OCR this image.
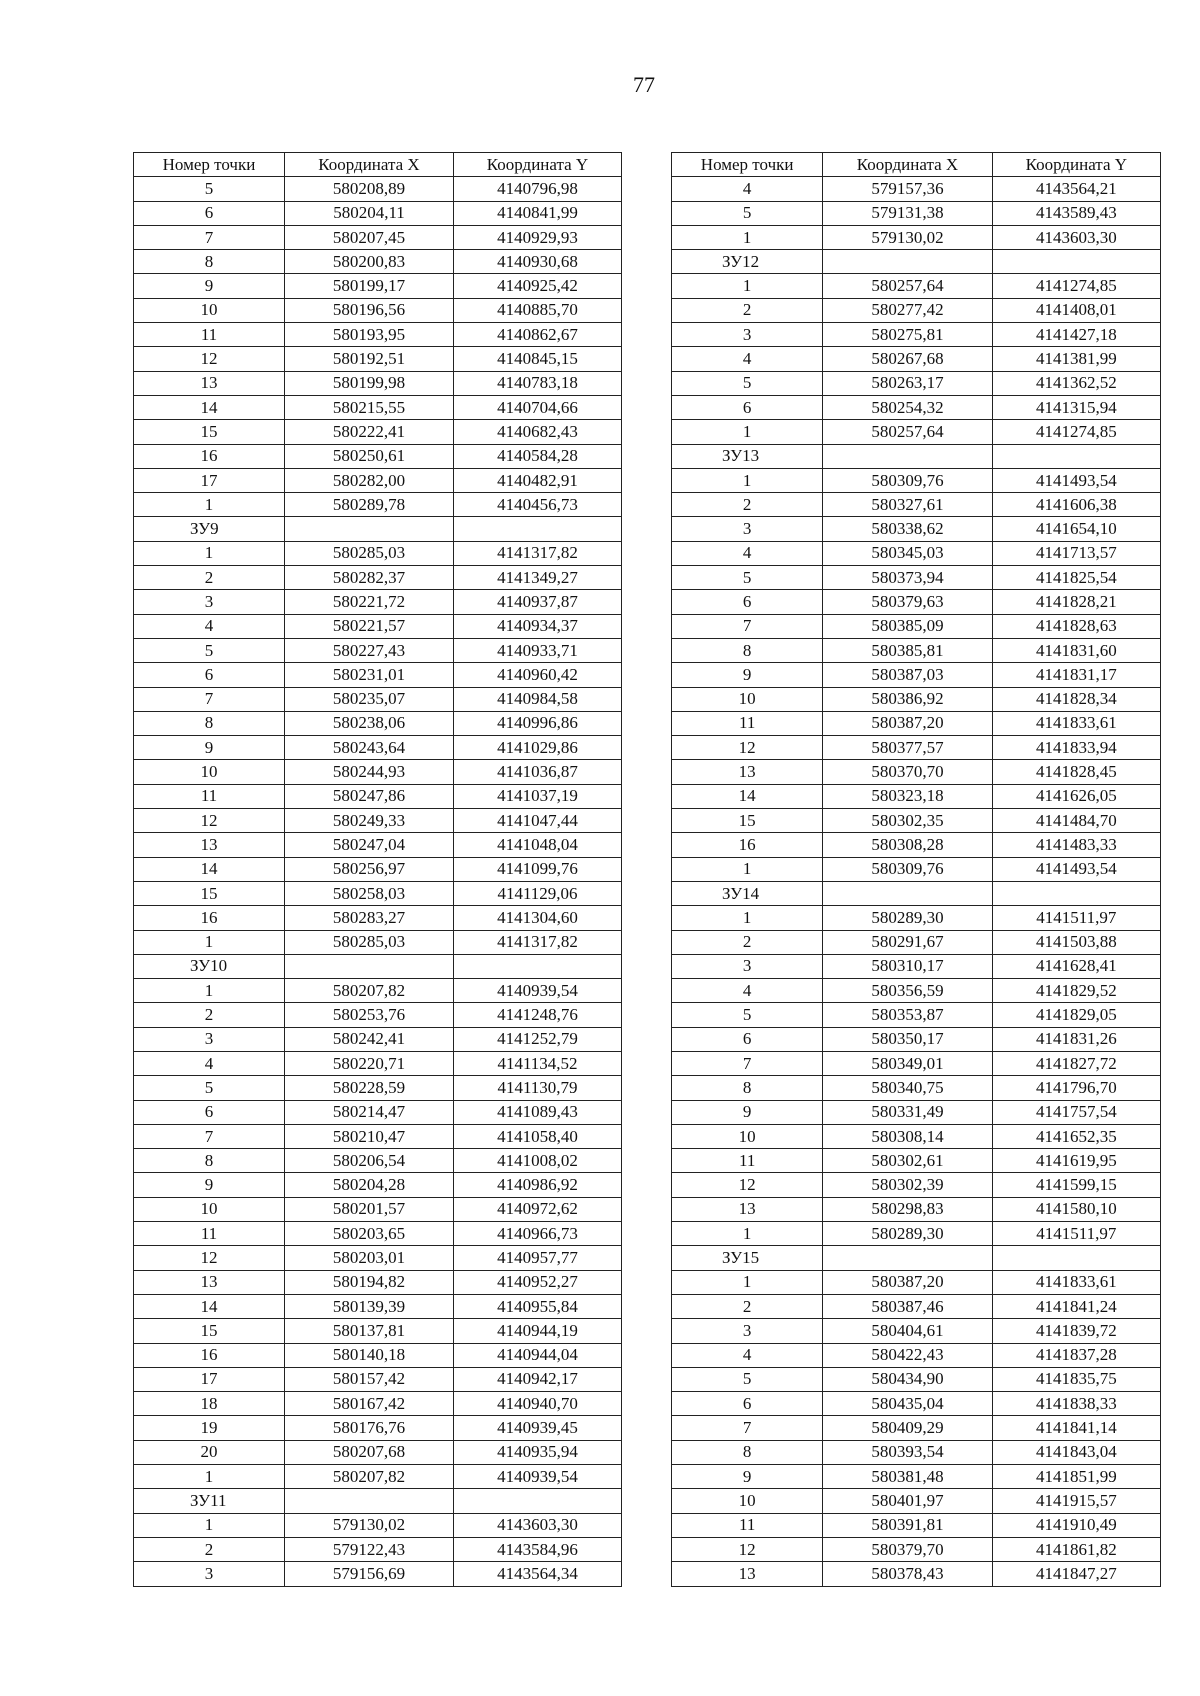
77
Номер точки	Координата X	Координата Y
5	580208,89	4140796,98
6	580204,11	4140841,99
7	580207,45	4140929,93
8	580200,83	4140930,68
9	580199,17	4140925,42
10	580196,56	4140885,70
11	580193,95	4140862,67
12	580192,51	4140845,15
13	580199,98	4140783,18
14	580215,55	4140704,66
15	580222,41	4140682,43
16	580250,61	4140584,28
17	580282,00	4140482,91
1	580289,78	4140456,73
ЗУ9		
1	580285,03	4141317,82
2	580282,37	4141349,27
3	580221,72	4140937,87
4	580221,57	4140934,37
5	580227,43	4140933,71
6	580231,01	4140960,42
7	580235,07	4140984,58
8	580238,06	4140996,86
9	580243,64	4141029,86
10	580244,93	4141036,87
11	580247,86	4141037,19
12	580249,33	4141047,44
13	580247,04	4141048,04
14	580256,97	4141099,76
15	580258,03	4141129,06
16	580283,27	4141304,60
1	580285,03	4141317,82
ЗУ10		
1	580207,82	4140939,54
2	580253,76	4141248,76
3	580242,41	4141252,79
4	580220,71	4141134,52
5	580228,59	4141130,79
6	580214,47	4141089,43
7	580210,47	4141058,40
8	580206,54	4141008,02
9	580204,28	4140986,92
10	580201,57	4140972,62
11	580203,65	4140966,73
12	580203,01	4140957,77
13	580194,82	4140952,27
14	580139,39	4140955,84
15	580137,81	4140944,19
16	580140,18	4140944,04
17	580157,42	4140942,17
18	580167,42	4140940,70
19	580176,76	4140939,45
20	580207,68	4140935,94
1	580207,82	4140939,54
ЗУ11		
1	579130,02	4143603,30
2	579122,43	4143584,96
3	579156,69	4143564,34
Номер точки	Координата X	Координата Y
4	579157,36	4143564,21
5	579131,38	4143589,43
1	579130,02	4143603,30
ЗУ12		
1	580257,64	4141274,85
2	580277,42	4141408,01
3	580275,81	4141427,18
4	580267,68	4141381,99
5	580263,17	4141362,52
6	580254,32	4141315,94
1	580257,64	4141274,85
ЗУ13		
1	580309,76	4141493,54
2	580327,61	4141606,38
3	580338,62	4141654,10
4	580345,03	4141713,57
5	580373,94	4141825,54
6	580379,63	4141828,21
7	580385,09	4141828,63
8	580385,81	4141831,60
9	580387,03	4141831,17
10	580386,92	4141828,34
11	580387,20	4141833,61
12	580377,57	4141833,94
13	580370,70	4141828,45
14	580323,18	4141626,05
15	580302,35	4141484,70
16	580308,28	4141483,33
1	580309,76	4141493,54
ЗУ14		
1	580289,30	4141511,97
2	580291,67	4141503,88
3	580310,17	4141628,41
4	580356,59	4141829,52
5	580353,87	4141829,05
6	580350,17	4141831,26
7	580349,01	4141827,72
8	580340,75	4141796,70
9	580331,49	4141757,54
10	580308,14	4141652,35
11	580302,61	4141619,95
12	580302,39	4141599,15
13	580298,83	4141580,10
1	580289,30	4141511,97
ЗУ15		
1	580387,20	4141833,61
2	580387,46	4141841,24
3	580404,61	4141839,72
4	580422,43	4141837,28
5	580434,90	4141835,75
6	580435,04	4141838,33
7	580409,29	4141841,14
8	580393,54	4141843,04
9	580381,48	4141851,99
10	580401,97	4141915,57
11	580391,81	4141910,49
12	580379,70	4141861,82
13	580378,43	4141847,27
